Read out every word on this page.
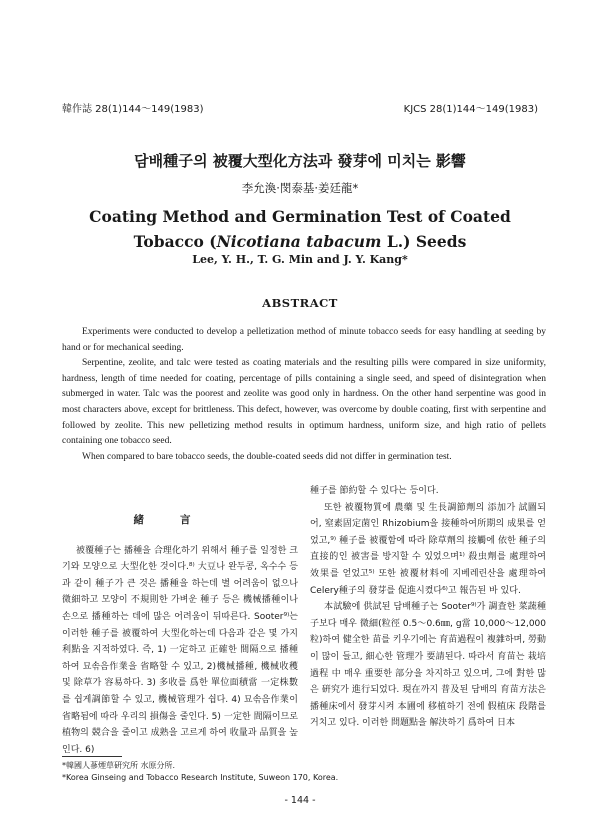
韓作誌 28(1)144～149(1983)	KJCS 28(1)144～149(1983)
담배種子의 被覆大型化方法과 發芽에 미치는 影響
李允渙·閔泰基·姜廷龍*
Coating Method and Germination Test of Coated
Tobacco (Nicotiana tabacum L.) Seeds
Lee, Y. H., T. G. Min and J. Y. Kang*
ABSTRACT

Experiments were conducted to develop a pelletization method of minute tobacco seeds for easy handling at seeding by hand or for mechanical seeding.

Serpentine, zeolite, and talc were tested as coating materials and the resulting pills were compared in size uniformity, hardness, length of time needed for coating, percentage of pills containing a single seed, and speed of disintegration when submerged in water. Talc was the poorest and zeolite was good only in hardness. On the other hand serpentine was good in most characters above, except for brittleness. This defect, however, was overcome by double coating, first with serpentine and followed by zeolite. This new pelletizing method results in optimum hardness, uniform size, and high ratio of pellets containing one tobacco seed.

When compared to bare tobacco seeds, the double-coated seeds did not differ in germination test.

緒言

被覆種子는 播種을 合理化하기 위해서 種子를 일정한 크기와 모양으로 大型化한 것이다.⁸⁾ 大豆나 완두콩, 옥수수 등과 같이 種子가 큰 것은 播種을 하는데 별 어려움이 없으나 微細하고 모양이 不規則한 가벼운 種子 등은 機械播種이나 손으로 播種하는 데에 많은 어려움이 뒤따른다. Sooter⁹⁾는 이러한 種子를 被覆하여 大型化하는데 다음과 같은 몇 가지 利點을 지적하였다. 즉, 1) 一定하고 正確한 間隔으로 播種하여 묘솎음作業을 省略할 수 있고, 2)機械播種, 機械收穫 및 除草가 容易하다. 3) 多收를 爲한 單位面積當 一定株數를 쉽게調節할 수 있고, 機械管理가 쉽다. 4) 묘솎음作業이 省略됨에 따라 우리의 損傷을 줄인다. 5) 一定한 間隔이므로 植物의 競合을 줄이고 成熟을 고르게 하여 收量과 品質을 높인다. 6)

種子를 節約할 수 있다는 등이다.

또한 被覆物質에 農藥 및 生長調節劑의 添加가 試圖되어, 窒素固定菌인 Rhizobium을 接種하여所期의 成果를 얻었고,⁹⁾ 種子를 被覆함에 따라 除草劑의 接觸에 依한 種子의 直接的인 被害를 방지할 수 있었으며¹⁾ 殺虫劑를 處理하여 效果를 얻었고⁵⁾ 또한 被覆材料에 지베레린산을 處理하여 Celery種子의 發芽를 促進시켰다⁶⁾고 報告된 바 있다.

本試驗에 供試된 담배種子는 Sooter⁹⁾가 調査한 菜蔬種子보다 매우 微細(粒徑 0.5～0.6㎜, g當 10,000～12,000粒)하여 健全한 苗를 키우기에는 育苗過程이 複雜하며, 勞動이 많이 들고, 細心한 管理가 要請된다. 따라서 育苗는 栽培 過程 中 매우 重要한 部分을 차지하고 있으며, 그에 對한 많은 硏究가 進行되었다. 現在까지 普及된 담배의 育苗方法은 播種床에서 發芽시켜 本圃에 移植하기 전에 假植床 段階를 거치고 있다. 이러한 問題點을 解決하기 爲하여 日本

*韓國人蔘煙草硏究所 水原分所.
*Korea Ginseing and Tobacco Research Institute, Suweon 170, Korea.
- 144 -
